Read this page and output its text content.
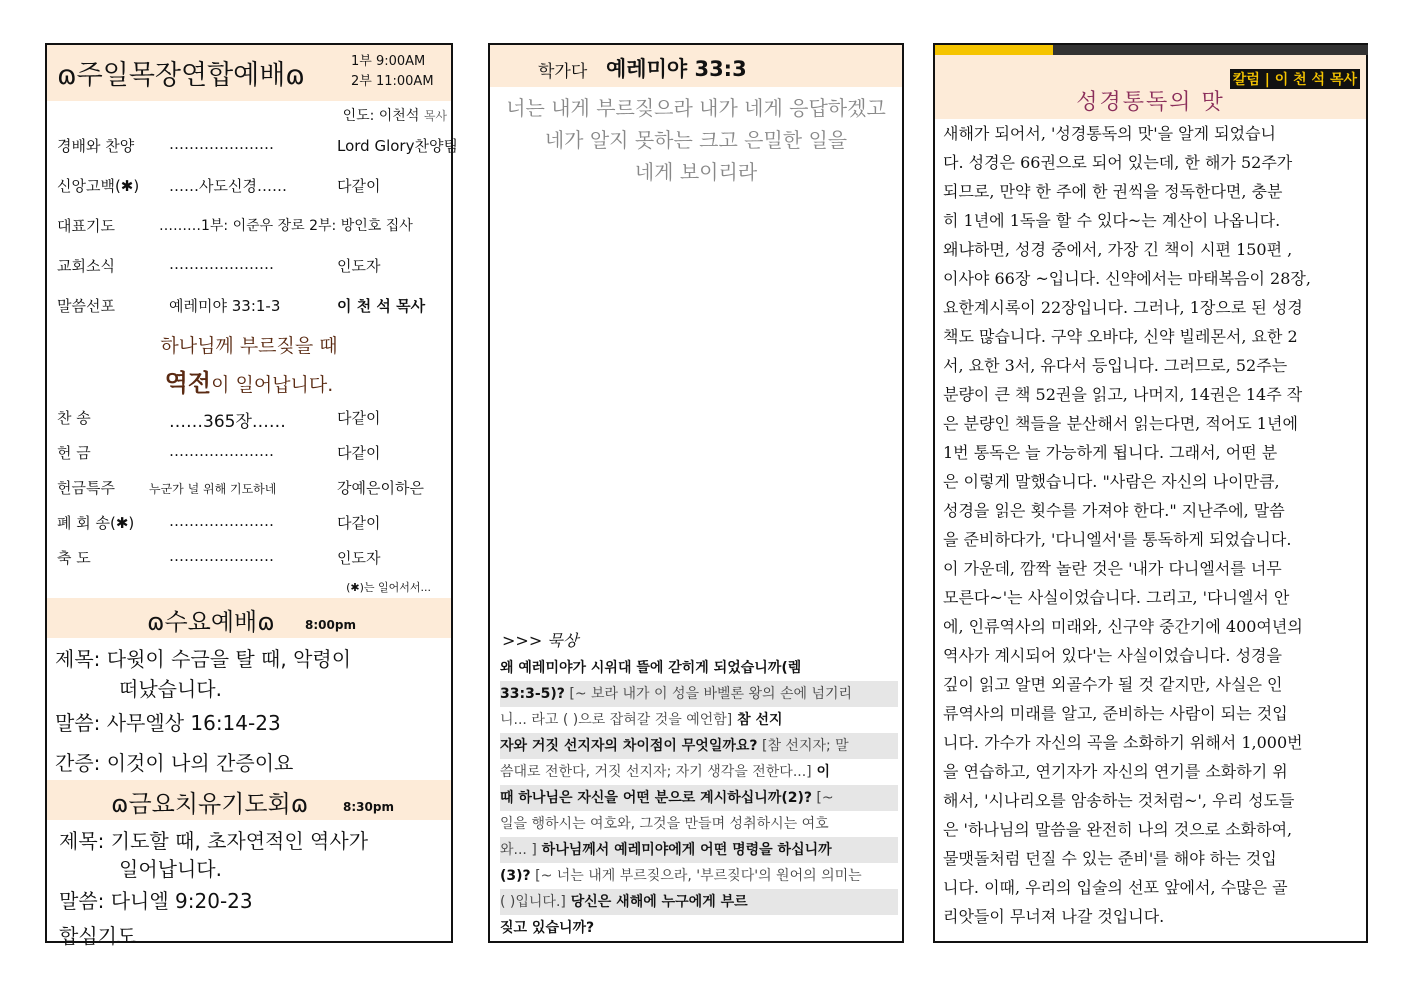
ɷ주일목장연합예배ɷ	1부 9:00AM
2부 11:00AM
인도: 이천석 목사
경배와 찬양 …………………	Lord Glory찬양팀
신앙고백(✱) ……사도신경……	다같이
대표기도	………1부: 이준우 장로 2부: 방인호 집사
교회소식	…………………	인도자
말씀선포	예레미야 33:1-3	이 천 석 목사
하나님께 부르짖을 때
역전이 일어납니다.
찬 송	……365장……	다같이
헌 금	…………………	다같이
헌금특주	누군가 널 위해 기도하네	강예은이하은
폐 회 송(✱) …………………	다같이
축 도	…………………	인도자
(✱)는 일어서서...
ɷ수요예배ɷ	8:00pm
제목: 다윗이 수금을 탈 때, 악령이
떠났습니다.
말씀: 사무엘상 16:14-23
간증: 이것이 나의 간증이요
ɷ금요치유기도회ɷ	8:30pm
제목: 기도할 때, 초자연적인 역사가
일어납니다.
말씀: 다니엘 9:20-23
합심기도
학가다 예레미야 33:3
너는 내게 부르짖으라 내가 네게 응답하겠고
네가 알지 못하는 크고 은밀한 일을
네게 보이리라
>>> 묵상
왜 예레미야가 시위대 뜰에 갇히게 되었습니까(렘
33:3-5)? [~ 보라 내가 이 성을 바벨론 왕의 손에 넘기리
니... 라고 ( )으로 잡혀갈 것을 예언함] 참 선지
자와 거짓 선지자의 차이점이 무엇일까요? [참 선지자; 말
씀대로 전한다, 거짓 선지자; 자기 생각을 전한다...] 이
때 하나님은 자신을 어떤 분으로 계시하십니까(2)? [~
일을 행하시는 여호와, 그것을 만들며 성취하시는 여호
와... ] 하나님께서 예레미야에게 어떤 명령을 하십니까
(3)? [~ 너는 내게 부르짖으라, '부르짖다'의 원어의 의미는
( )입니다.] 당신은 새해에 누구에게 부르
짖고 있습니까?
칼럼 | 이 천 석 목사
성경통독의 맛
새해가 되어서, '성경통독의 맛'을 알게 되었습니
다. 성경은 66권으로 되어 있는데, 한 해가 52주가
되므로, 만약 한 주에 한 권씩을 정독한다면, 충분
히 1년에 1독을 할 수 있다~는 계산이 나옵니다.
왜냐하면, 성경 중에서, 가장 긴 책이 시편 150편 ,
이사야 66장 ~입니다. 신약에서는 마태복음이 28장,
요한계시록이 22장입니다. 그러나, 1장으로 된 성경
책도 많습니다. 구약 오바댜, 신약 빌레몬서, 요한 2
서, 요한 3서, 유다서 등입니다. 그러므로, 52주는
분량이 큰 책 52권을 읽고, 나머지, 14권은 14주 작
은 분량인 책들을 분산해서 읽는다면, 적어도 1년에
1번 통독은 늘 가능하게 됩니다. 그래서, 어떤 분
은 이렇게 말했습니다. "사람은 자신의 나이만큼,
성경을 읽은 횟수를 가져야 한다." 지난주에, 말씀
을 준비하다가, '다니엘서'를 통독하게 되었습니다.
이 가운데, 깜짝 놀란 것은 '내가 다니엘서를 너무
모른다~'는 사실이었습니다. 그리고, '다니엘서 안
에, 인류역사의 미래와, 신구약 중간기에 400여년의
역사가 계시되어 있다'는 사실이었습니다. 성경을
깊이 읽고 알면 외골수가 될 것 같지만, 사실은 인
류역사의 미래를 알고, 준비하는 사람이 되는 것입
니다. 가수가 자신의 곡을 소화하기 위해서 1,000번
을 연습하고, 연기자가 자신의 연기를 소화하기 위
해서, '시나리오를 암송하는 것처럼~', 우리 성도들
은 '하나님의 말씀을 완전히 나의 것으로 소화하여,
물맷돌처럼 던질 수 있는 준비'를 해야 하는 것입
니다. 이때, 우리의 입술의 선포 앞에서, 수많은 골
리앗들이 무너져 나갈 것입니다.
